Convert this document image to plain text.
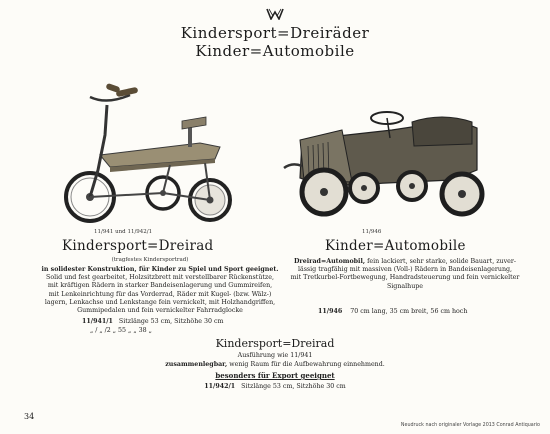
Kindersport=Dreiräder
Kinder=Automobile
11/941 und 11/942/1	11/946
Kindersport=Dreirad
(tragfestes Kindersportrad)
in solidester Konstruktion, für Kinder zu Spiel und Sport geeignet.
Solid und fest gearbeitet, Holzsitzbrett mit verstellbarer Rückenstütze,
mit kräftigen Rädern in starker Bandeisenlagerung und Gummireifen,
mit Lenkeinrichtung für das Vorderrad, Räder mit Kugel- (bzw. Wälz-)
lagern, Lenkachse und Lenkstange fein vernickelt, mit Holzhandgriffen,
Gummipedalen und fein vernickelter Fahrradglocke
11/941/1 Sitzlänge 53 cm, Sitzhöhe 30 cm
„ / „ /2 „ 55 „ „ 38 „
Kinder=Automobile
Dreirad=Automobil, fein lackiert, sehr starke, solide Bauart, zuver-
lässig tragfähig mit massiven (Voll-) Rädern in Bandeisenlagerung,
mit Tretkurbel-Fortbewegung, Handradsteuerung und fein vernickelter
Signalhupe
11/946 70 cm lang, 35 cm breit, 56 cm hoch
Kindersport=Dreirad
Ausführung wie 11/941
zusammenlegbar, wenig Raum für die Aufbewahrung einnehmend.
besonders für Export geeignet
11/942/1 Sitzlänge 53 cm, Sitzhöhe 30 cm
34
Neudruck nach originaler Vorlage 2013 Conrad Antiquario
